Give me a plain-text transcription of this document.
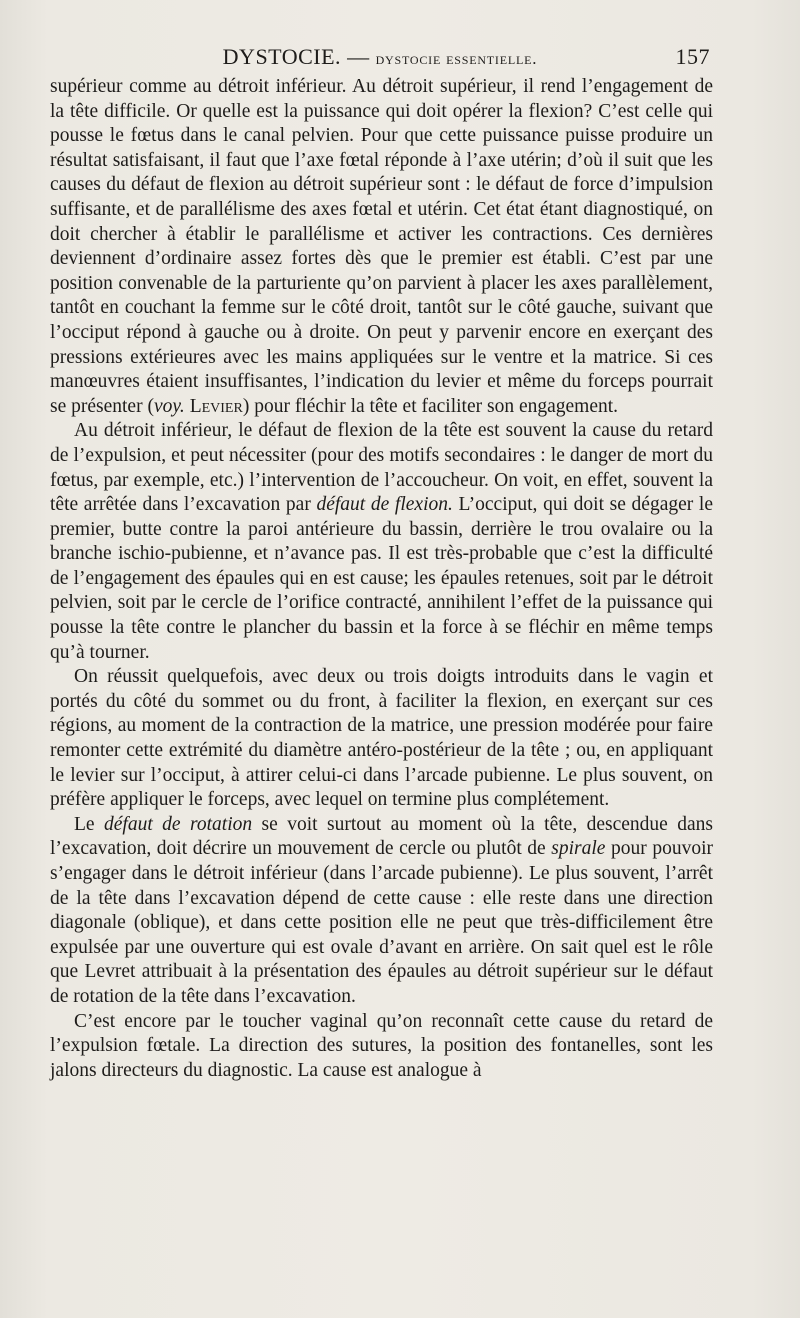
DYSTOCIE. — dystocie essentielle.	157

supérieur comme au détroit inférieur. Au détroit supérieur, il rend l’engagement de la tête difficile. Or quelle est la puissance qui doit opérer la flexion? C’est celle qui pousse le fœtus dans le canal pelvien. Pour que cette puissance puisse produire un résultat satisfaisant, il faut que l’axe fœtal réponde à l’axe utérin; d’où il suit que les causes du défaut de flexion au détroit supérieur sont : le défaut de force d’impulsion suffisante, et de parallélisme des axes fœtal et utérin. Cet état étant diagnostiqué, on doit chercher à établir le parallélisme et activer les contractions. Ces dernières deviennent d’ordinaire assez fortes dès que le premier est établi. C’est par une position convenable de la parturiente qu’on parvient à placer les axes parallèlement, tantôt en couchant la femme sur le côté droit, tantôt sur le côté gauche, suivant que l’occiput répond à gauche ou à droite. On peut y parvenir encore en exerçant des pressions extérieures avec les mains appliquées sur le ventre et la matrice. Si ces manœuvres étaient insuffisantes, l’indication du levier et même du forceps pourrait se présenter (voy. Levier) pour fléchir la tête et faciliter son engagement.

Au détroit inférieur, le défaut de flexion de la tête est souvent la cause du retard de l’expulsion, et peut nécessiter (pour des motifs secondaires : le danger de mort du fœtus, par exemple, etc.) l’intervention de l’accoucheur. On voit, en effet, souvent la tête arrêtée dans l’excavation par défaut de flexion. L’occiput, qui doit se dégager le premier, butte contre la paroi antérieure du bassin, derrière le trou ovalaire ou la branche ischio-pubienne, et n’avance pas. Il est très-probable que c’est la difficulté de l’engagement des épaules qui en est cause; les épaules retenues, soit par le détroit pelvien, soit par le cercle de l’orifice contracté, annihilent l’effet de la puissance qui pousse la tête contre le plancher du bassin et la force à se fléchir en même temps qu’à tourner.

On réussit quelquefois, avec deux ou trois doigts introduits dans le vagin et portés du côté du sommet ou du front, à faciliter la flexion, en exerçant sur ces régions, au moment de la contraction de la matrice, une pression modérée pour faire remonter cette extrémité du diamètre antéro-postérieur de la tête ; ou, en appliquant le levier sur l’occiput, à attirer celui-ci dans l’arcade pubienne. Le plus souvent, on préfère appliquer le forceps, avec lequel on termine plus complétement.

Le défaut de rotation se voit surtout au moment où la tête, descendue dans l’excavation, doit décrire un mouvement de cercle ou plutôt de spirale pour pouvoir s’engager dans le détroit inférieur (dans l’arcade pubienne). Le plus souvent, l’arrêt de la tête dans l’excavation dépend de cette cause : elle reste dans une direction diagonale (oblique), et dans cette position elle ne peut que très-difficilement être expulsée par une ouverture qui est ovale d’avant en arrière. On sait quel est le rôle que Levret attribuait à la présentation des épaules au détroit supérieur sur le défaut de rotation de la tête dans l’excavation.

C’est encore par le toucher vaginal qu’on reconnaît cette cause du retard de l’expulsion fœtale. La direction des sutures, la position des fontanelles, sont les jalons directeurs du diagnostic. La cause est analogue à
